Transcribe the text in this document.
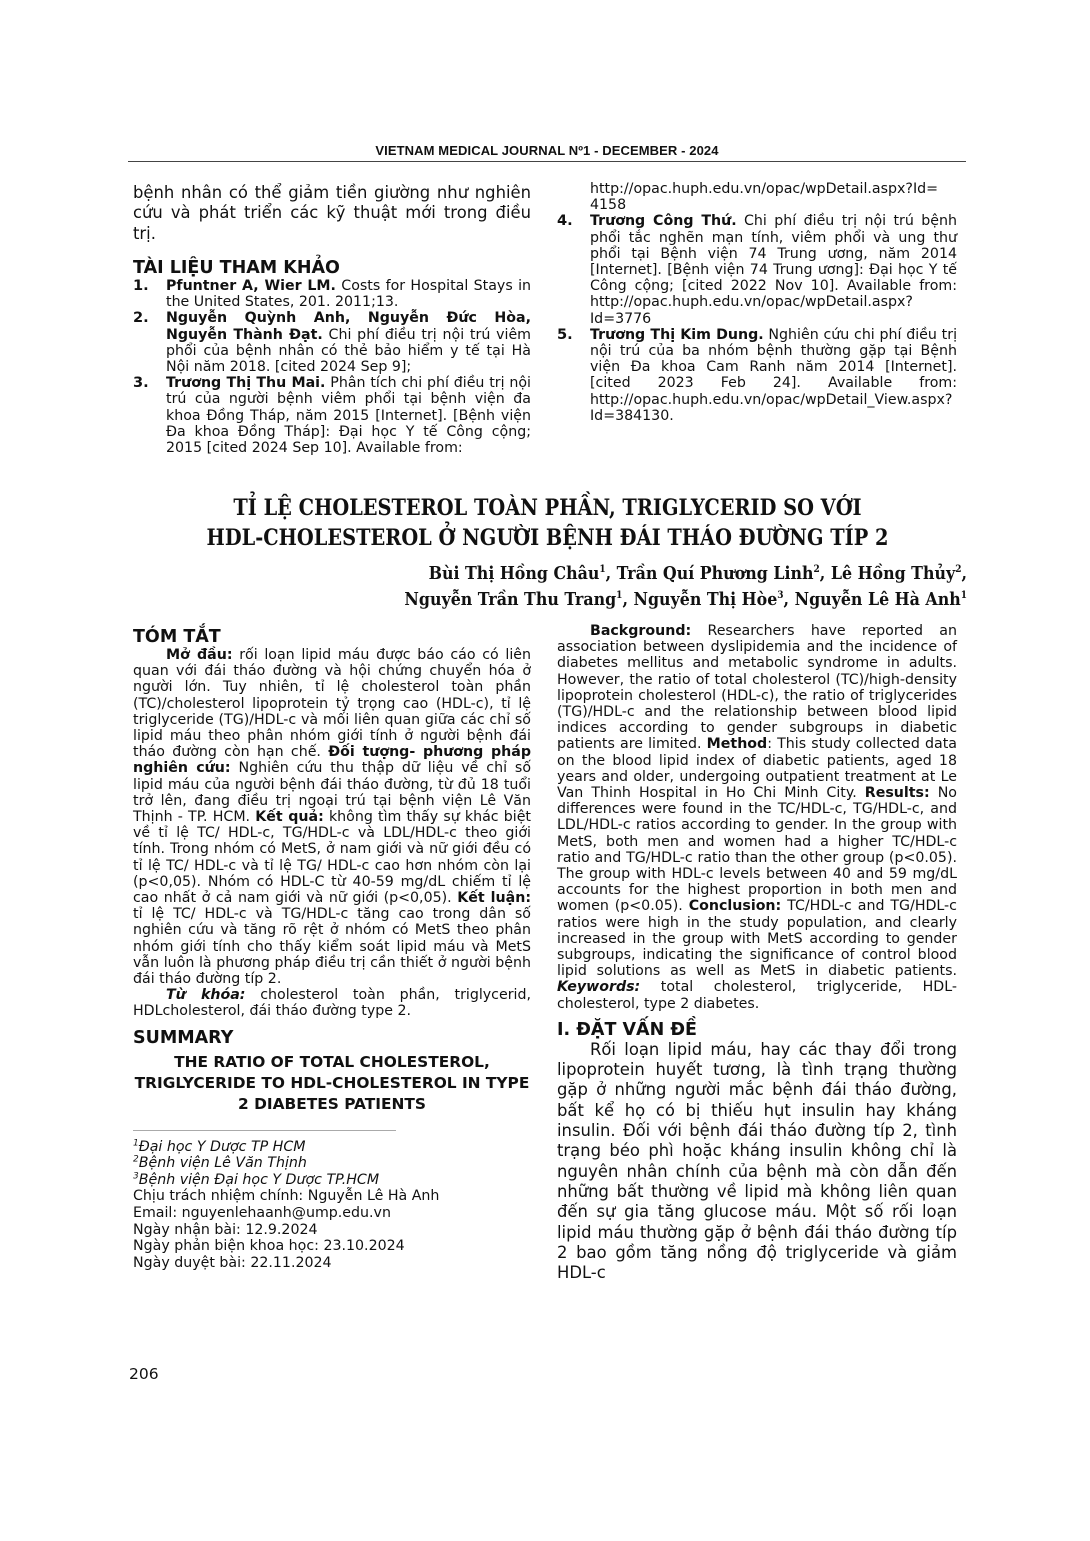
VIETNAM MEDICAL JOURNAL Nº1 - DECEMBER - 2024

bệnh nhân có thể giảm tiền giường như nghiên cứu và phát triển các kỹ thuật mới trong điều trị.

TÀI LIỆU THAM KHẢO
1.	Pfuntner A, Wier LM. Costs for Hospital Stays in the United States, 201. 2011;13.
2.	Nguyễn Quỳnh Anh, Nguyễn Đức Hòa, Nguyễn Thành Đạt. Chi phí điều trị nội trú viêm phổi của bệnh nhân có thẻ bảo hiểm y tế tại Hà Nội năm 2018. [cited 2024 Sep 9];
3.	Trương Thị Thu Mai. Phân tích chi phí điều trị nội trú của người bệnh viêm phổi tại bệnh viện đa khoa Đồng Tháp, năm 2015 [Internet]. [Bệnh viện Đa khoa Đồng Tháp]: Đại học Y tế Công cộng; 2015 [cited 2024 Sep 10]. Available from:
http://opac.huph.edu.vn/opac/wpDetail.aspx?Id= 4158
4.	Trương Công Thứ. Chi phí điều trị nội trú bệnh phổi tắc nghẽn mạn tính, viêm phổi và ung thư phổi tại Bệnh viện 74 Trung ương, năm 2014 [Internet]. [Bệnh viện 74 Trung ương]: Đại học Y tế Công cộng; [cited 2022 Nov 10]. Available from: http://opac.huph.edu.vn/opac/wpDetail.aspx?Id=3776
5.	Trương Thị Kim Dung. Nghiên cứu chi phí điều trị nội trú của ba nhóm bệnh thường gặp tại Bệnh viện Đa khoa Cam Ranh năm 2014 [Internet]. [cited 2023 Feb 24]. Available from: http://opac.huph.edu.vn/opac/wpDetail_View.aspx?Id=384130.
TỈ LỆ CHOLESTEROL TOÀN PHẦN, TRIGLYCERID SO VỚI
HDL-CHOLESTEROL Ở NGƯỜI BỆNH ĐÁI THÁO ĐƯỜNG TÍP 2
Bùi Thị Hồng Châu$^1$, Trần Quí Phương Linh$^2$, Lê Hồng Thủy$^2$,
Nguyễn Trần Thu Trang$^1$, Nguyễn Thị Hòe$^3$, Nguyễn Lê Hà Anh$^1$
TÓM TẮT

Mở đầu: rối loạn lipid máu được báo cáo có liên quan với đái tháo đường và hội chứng chuyển hóa ở người lớn. Tuy nhiên, tỉ lệ cholesterol toàn phần (TC)/cholesterol lipoprotein tỷ trọng cao (HDL-c), tỉ lệ triglyceride (TG)/HDL-c và mối liên quan giữa các chỉ số lipid máu theo phân nhóm giới tính ở người bệnh đái tháo đường còn hạn chế. Đối tượng- phương pháp nghiên cứu: Nghiên cứu thu thập dữ liệu về chỉ số lipid máu của người bệnh đái tháo đường, từ đủ 18 tuổi trở lên, đang điều trị ngoại trú tại bệnh viện Lê Văn Thịnh - TP. HCM. Kết quả: không tìm thấy sự khác biệt về tỉ lệ TC/ HDL-c, TG/HDL-c và LDL/HDL-c theo giới tính. Trong nhóm có MetS, ở nam giới và nữ giới đều có tỉ lệ TC/ HDL-c và tỉ lệ TG/ HDL-c cao hơn nhóm còn lại (p<0,05). Nhóm có HDL-C từ 40-59 mg/dL chiếm tỉ lệ cao nhất ở cả nam giới và nữ giới (p<0,05). Kết luận: tỉ lệ TC/ HDL-c và TG/HDL-c tăng cao trong dân số nghiên cứu và tăng rõ rệt ở nhóm có MetS theo phân nhóm giới tính cho thấy kiểm soát lipid máu và MetS vẫn luôn là phương pháp điều trị cần thiết ở người bệnh đái tháo đường típ 2.

Từ khóa: cholesterol toàn phần, triglycerid, HDLcholesterol, đái tháo đường type 2.

SUMMARY
THE RATIO OF TOTAL CHOLESTEROL, TRIGLYCERIDE TO HDL-CHOLESTEROL IN TYPE 2 DIABETES PATIENTS
$^1$Đại học Y Dược TP HCM
$^2$Bệnh viện Lê Văn Thịnh
$^3$Bệnh viện Đại học Y Dược TP.HCM
Chịu trách nhiệm chính: Nguyễn Lê Hà Anh
Email: nguyenlehaanh@ump.edu.vn
Ngày nhận bài: 12.9.2024
Ngày phản biện khoa học: 23.10.2024
Ngày duyệt bài: 22.11.2024

Background: Researchers have reported an association between dyslipidemia and the incidence of diabetes mellitus and metabolic syndrome in adults. However, the ratio of total cholesterol (TC)/high-density lipoprotein cholesterol (HDL-c), the ratio of triglycerides (TG)/HDL-c and the relationship between blood lipid indices according to gender subgroups in diabetic patients are limited. Method: This study collected data on the blood lipid index of diabetic patients, aged 18 years and older, undergoing outpatient treatment at Le Van Thinh Hospital in Ho Chi Minh City. Results: No differences were found in the TC/HDL-c, TG/HDL-c, and LDL/HDL-c ratios according to gender. In the group with MetS, both men and women had a higher TC/HDL-c ratio and TG/HDL-c ratio than the other group (p<0.05). The group with HDL-c levels between 40 and 59 mg/dL accounts for the highest proportion in both men and women (p<0.05). Conclusion: TC/HDL-c and TG/HDL-c ratios were high in the study population, and clearly increased in the group with MetS according to gender subgroups, indicating the significance of control blood lipid solutions as well as MetS in diabetic patients. Keywords: total cholesterol, triglyceride, HDL-cholesterol, type 2 diabetes.

I. ĐẶT VẤN ĐỀ

Rối loạn lipid máu, hay các thay đổi trong lipoprotein huyết tương, là tình trạng thường gặp ở những người mắc bệnh đái tháo đường, bất kể họ có bị thiếu hụt insulin hay kháng insulin. Đối với bệnh đái tháo đường típ 2, tình trạng béo phì hoặc kháng insulin không chỉ là nguyên nhân chính của bệnh mà còn dẫn đến những bất thường về lipid mà không liên quan đến sự gia tăng glucose máu. Một số rối loạn lipid máu thường gặp ở bệnh đái tháo đường típ 2 bao gồm tăng nồng độ triglyceride và giảm HDL-c

206
